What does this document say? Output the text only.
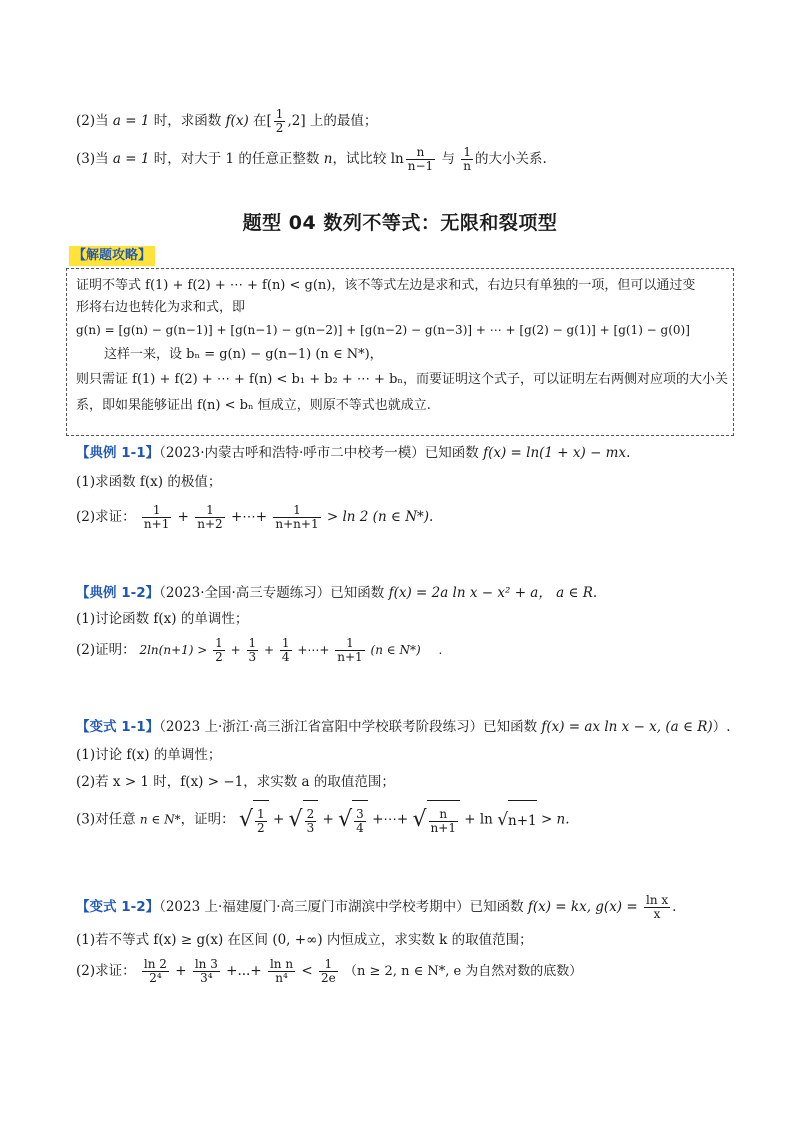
(2)当 a = 1 时，求函数 f(x) 在[ $\frac{1}{2} ,2$] 上的最值；
(3)当 a = 1 时，对大于 1 的任意正整数 n，试比较 $\ln \frac{n}{n-1}$ 与 $\frac{1}{n}$ 的大小关系.
题型 04 数列不等式：无限和裂项型
【解题攻略】
证明不等式 f(1) + f(2) + ⋯ + f(n) < g(n)，该不等式左边是求和式，右边只有单独的一项，但可以通过变
形将右边也转化为求和式，即
g(n) = [g(n) − g(n−1)] + [g(n−1) − g(n−2)] + [g(n−2) − g(n−3)] + ⋯ + [g(2) − g(1)] + [g(1) − g(0)]
这样一来，设 bₙ = g(n) − g(n−1) (n ∈ N*)，
则只需证 f(1) + f(2) + ⋯ + f(n) < b₁ + b₂ + ⋯ + bₙ，而要证明这个式子，可以证明左右两侧对应项的大小关
系，即如果能够证出 f(n) < bₙ 恒成立，则原不等式也就成立.
【典例 1-1】（2023·内蒙古呼和浩特·呼市二中校考一模）已知函数 f(x) = ln(1 + x) − mx.
(1)求函数 f(x) 的极值；
(2)求证： $\frac{1}{n+1} + \frac{1}{n+2}$ +⋯+ $\frac{1}{n+n+1} > \ln 2$ (n ∈ N*).
【典例 1-2】（2023·全国·高三专题练习）已知函数 f(x) = 2a ln x − x² + a， a ∈ R.
(1)讨论函数 f(x) 的单调性；
(2)证明： $2\ln(n+1) > \frac{1}{2} + \frac{1}{3} + \frac{1}{4}$ +⋯+ $\frac{1}{n+1} (n$ ∈ N*) .
【变式 1-1】（2023 上·浙江·高三浙江省富阳中学校联考阶段练习）已知函数 f(x) = ax ln x − x, (a ∈ R)）.
(1)讨论 f(x) 的单调性；
(2)若 x > 1 时，f(x) > −1，求实数 a 的取值范围；
(3)对任意 n ∈ N*，证明： √ $\frac{1}{2}$ + √ $\frac{2}{3}$ + √ $\frac{3}{4}$ +⋯+ √ $\frac{n}{n+1} + \ln √n+1 > n$.
【变式 1-2】（2023 上·福建厦门·高三厦门市湖滨中学校考期中）已知函数 f(x) = kx, $g(x) = \frac{\text{ln x}}{x}$ .
(1)若不等式 f(x) ≥ g(x) 在区间 (0, +∞) 内恒成立，求实数 k 的取值范围；
(2)求证： $\frac{\ln 2}{\text{2⁴}} + \frac{\ln 3}{\text{3⁴}}$ +...+ $\frac{\text{ln n}}{\text{n⁴}} < \frac{1}{2e} (n \ge 2$, n ∈ N*, e 为自然对数的底数）
